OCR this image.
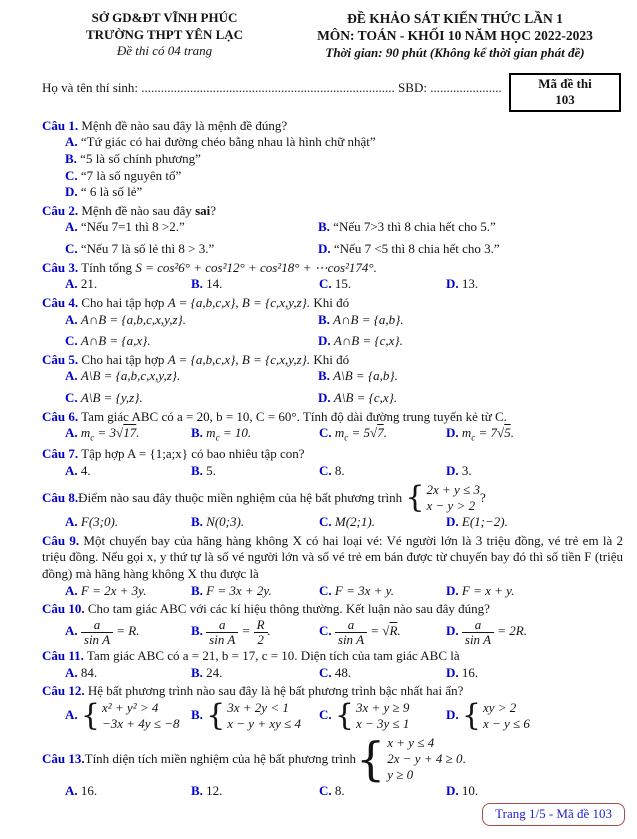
SỞ GD&ĐT VĨNH PHÚC
TRƯỜNG THPT YÊN LẠC
Đề thi có 04 trang
ĐỀ KHẢO SÁT KIẾN THỨC LẦN 1
MÔN: TOÁN - KHỐI 10 NĂM HỌC 2022-2023
Thời gian: 90 phút (Không kể thời gian phát đề)
Họ và tên thí sinh: .............................................................................. SBD: ......................	Mã đề thi
103

Câu 1. Mệnh đề nào sau đây là mệnh đề đúng?

A. “Tứ giác có hai đường chéo bằng nhau là hình chữ nhật”
B. “5 là số chính phương”
C. “7 là số nguyên tố”
D. “ 6 là số lẻ”

Câu 2. Mệnh đề nào sau đây sai?

A. “Nếu 7=1 thì 8 >2.”	B. “Nếu 7>3 thì 8 chia hết cho 5.”
C. “Nếu 7 là số lẻ thì 8 > 3.”	D. “Nếu 7 <5 thì 8 chia hết cho 3.”

Câu 3. Tính tổng S = cos²6° + cos²12° + cos²18° + ⋯cos²174°.

A. 21.	B. 14.	C. 15.	D. 13.

Câu 4. Cho hai tập hợp A = {a,b,c,x}, B = {c,x,y,z}. Khi đó

A. A∩B = {a,b,c,x,y,z}.	B. A∩B = {a,b}.
C. A∩B = {a,x}.	D. A∩B = {c,x}.

Câu 5. Cho hai tập hợp A = {a,b,c,x}, B = {c,x,y,z}. Khi đó

A. A\B = {a,b,c,x,y,z}.	B. A\B = {a,b}.
C. A\B = {y,z}.	D. A\B = {c,x}.

Câu 6. Tam giác ABC có a = 20, b = 10, C = 60°. Tính độ dài đường trung tuyến kẻ từ C.

A. $m_c = 3√17$.	B. $m_c = 10$.	C. $m_c = 5√7$.	D. $m_c = 7√5$.

Câu 7. Tập hợp A = {1;a;x} có bao nhiêu tập con?

A. 4.	B. 5.	C. 8.	D. 3.

Câu 8. Điểm nào sau đây thuộc miền nghiệm của hệ bất phương trình
{ 2x + y ≤ 3
x − y > 2
?

A. F(3;0).	B. N(0;3).	C. M(2;1).	D. E(1;−2).

Câu 9. Một chuyến bay của hãng hàng không X có hai loại vé: Vé người lớn là 3 triệu đồng, vé trẻ em là 2 triệu đồng. Nếu gọi x, y thứ tự là số vé người lớn và số vé trẻ em bán được từ chuyến bay đó thì số tiền F (triệu đồng) mà hãng hàng không X thu được là

A. F = 2x + 3y.	B. F = 3x + 2y.	C. F = 3x + y.	D. F = x + y.

Câu 10. Cho tam giác ABC với các kí hiệu thông thường. Kết luận nào sau đây đúng?

A. $\frac{a}{\text{sin A}} = R$.	B. $\frac{a}{\text{sin A}} = \frac{R}{2}$ .	C. $\frac{a}{\text{sin A}} = √R$.	D. $\frac{a}{\text{sin A}} = 2R$.

Câu 11. Tam giác ABC có a = 21, b = 17, c = 10. Diện tích của tam giác ABC là

A. 84.	B. 24.	C. 48.	D. 16.

Câu 12. Hệ bất phương trình nào sau đây là hệ bất phương trình bậc nhất hai ẩn?

A. { x² + y² > 4
−3x + 4y ≤ −8
B. { 3x + 2y < 1
x − y + xy ≤ 4
C. { 3x + y ≥ 9
x − 3y ≤ 1
D. { xy > 2
x − y ≤ 6

Câu 13. Tính diện tích miền nghiệm của hệ bất phương trình { x + y ≤ 4
2x − y + 4 ≥ 0
y ≥ 0
.

A. 16.	B. 12.	C. 8.	D. 10.
Trang 1/5 - Mã đề 103
